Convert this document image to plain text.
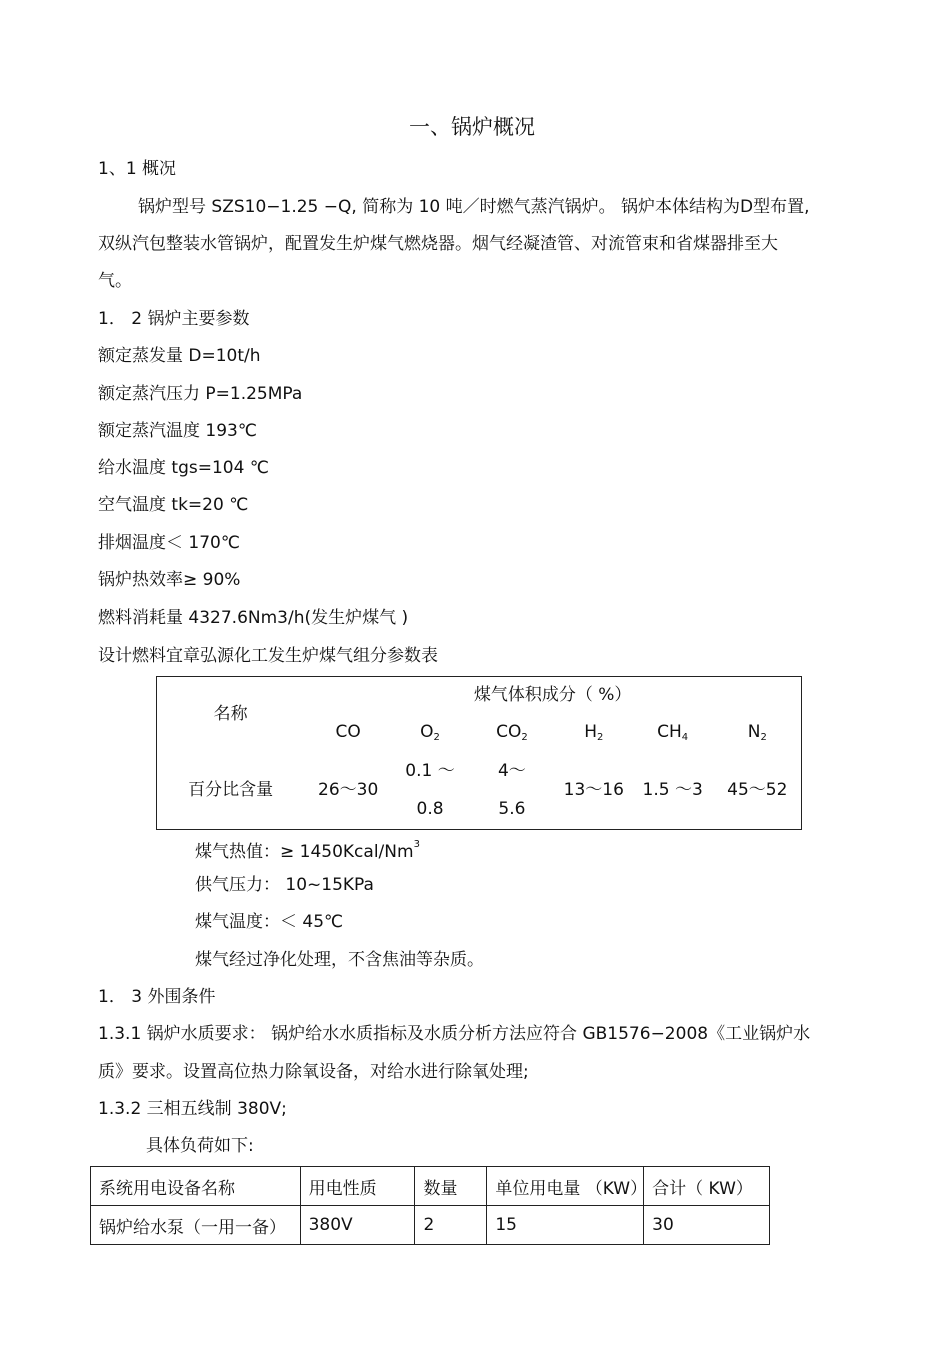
一、锅炉概况
1、1 概况
锅炉型号 SZS10−1.25 −Q, 简称为 10 吨／时燃气蒸汽锅炉。 锅炉本体结构为D型布置,
双纵汽包整装水管锅炉，配置发生炉煤气燃烧器。烟气经凝渣管、对流管束和省煤器排至大
气。
1． 2 锅炉主要参数
额定蒸发量 D=10t/h
额定蒸汽压力 P=1.25MPa
额定蒸汽温度 193℃
给水温度 tgs=104 ℃
空气温度 tk=20 ℃
排烟温度＜ 170℃
锅炉热效率≥ 90%
燃料消耗量 4327.6Nm3/h(发生炉煤气 )
设计燃料宜章弘源化工发生炉煤气组分参数表
名称	煤气体积成分（ %）					
	CO	$O_2$	$CO_2$	$H_2$	$CH_4$	$N_2$
百分比含量	26～30	0.1 ～	4～	13～16	1.5 ～3	45～52
		0.8	5.6			
煤气热值：≥ $1450Kcal/Nm^3$
供气压力： 10~15KPa
煤气温度：＜ 45℃
煤气经过净化处理，不含焦油等杂质。
1． 3 外围条件
1.3.1 锅炉水质要求： 锅炉给水水质指标及水质分析方法应符合 GB1576−2008《工业锅炉水
质》要求。设置高位热力除氧设备，对给水进行除氧处理;
1.3.2 三相五线制 380V;
具体负荷如下:
系统用电设备名称	用电性质	数量	单位用电量 （KW）	合计（ KW）
锅炉给水泵（一用一备）	380V	2	15	30
